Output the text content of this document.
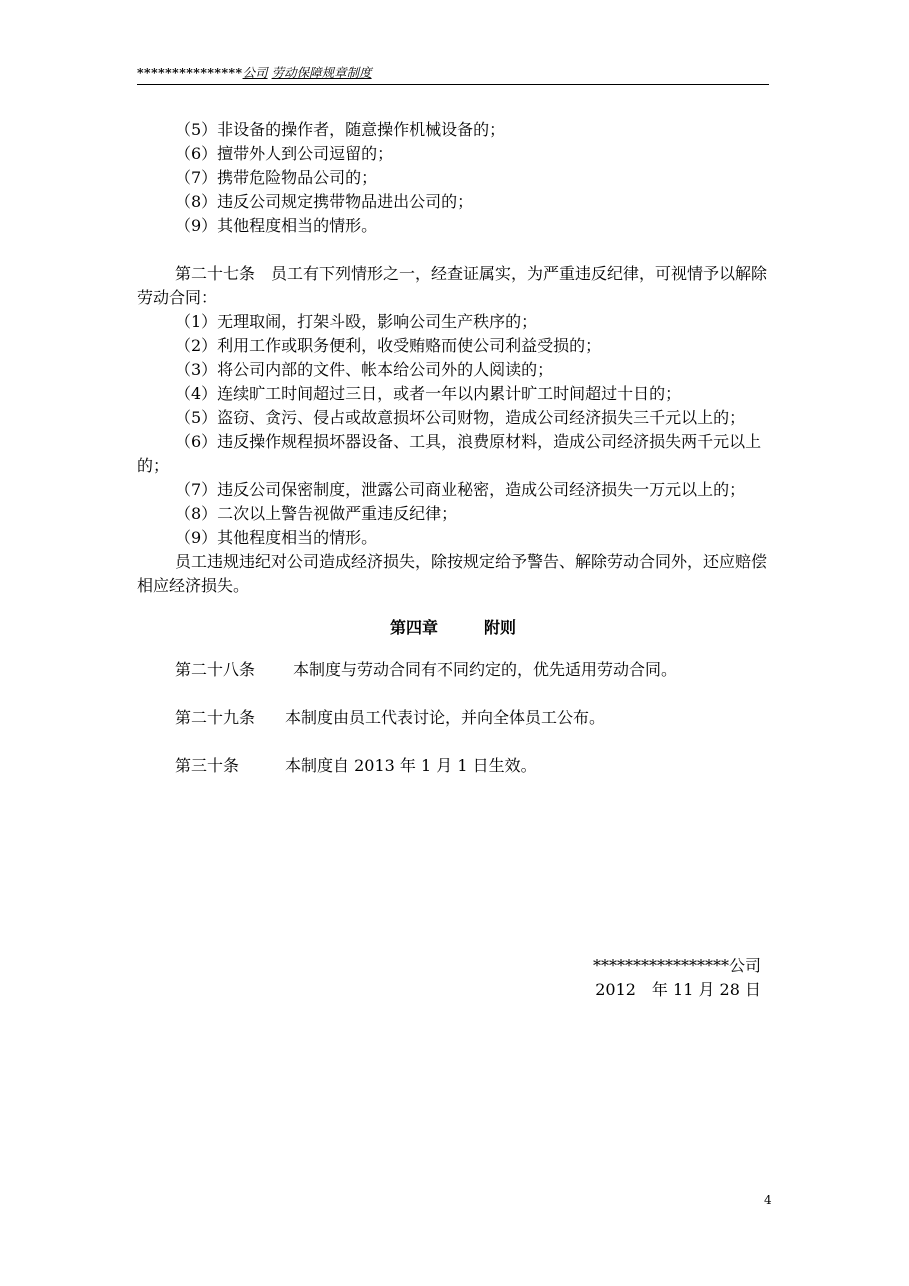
***************公司 劳动保障规章制度
（5）非设备的操作者，随意操作机械设备的；
（6）擅带外人到公司逗留的；
（7）携带危险物品公司的；
（8）违反公司规定携带物品进出公司的；
（9）其他程度相当的情形。

第二十七条　员工有下列情形之一，经查证属实，为严重违反纪律，可视情予以解除劳动合同：

（1）无理取闹，打架斗殴，影响公司生产秩序的；
（2）利用工作或职务便利，收受贿赂而使公司利益受损的；
（3）将公司内部的文件、帐本给公司外的人阅读的；
（4）连续旷工时间超过三日，或者一年以内累计旷工时间超过十日的；

（5）盗窃、贪污、侵占或故意损坏公司财物，造成公司经济损失三千元以上的；

（6）违反操作规程损坏器设备、工具，浪费原材料，造成公司经济损失两千元以上的；

（7）违反公司保密制度，泄露公司商业秘密，造成公司经济损失一万元以上的；

（8）二次以上警告视做严重违反纪律；
（9）其他程度相当的情形。

员工违规违纪对公司造成经济损失，除按规定给予警告、解除劳动合同外，还应赔偿相应经济损失。

第四章	附则
第二十八条 本制度与劳动合同有不同约定的，优先适用劳动合同。
第二十九条 本制度由员工代表讨论，并向全体员工公布。
第三十条	本制度自 2013 年 1 月 1 日生效。
*****************公司
2012　年 11 月 28 日
4
